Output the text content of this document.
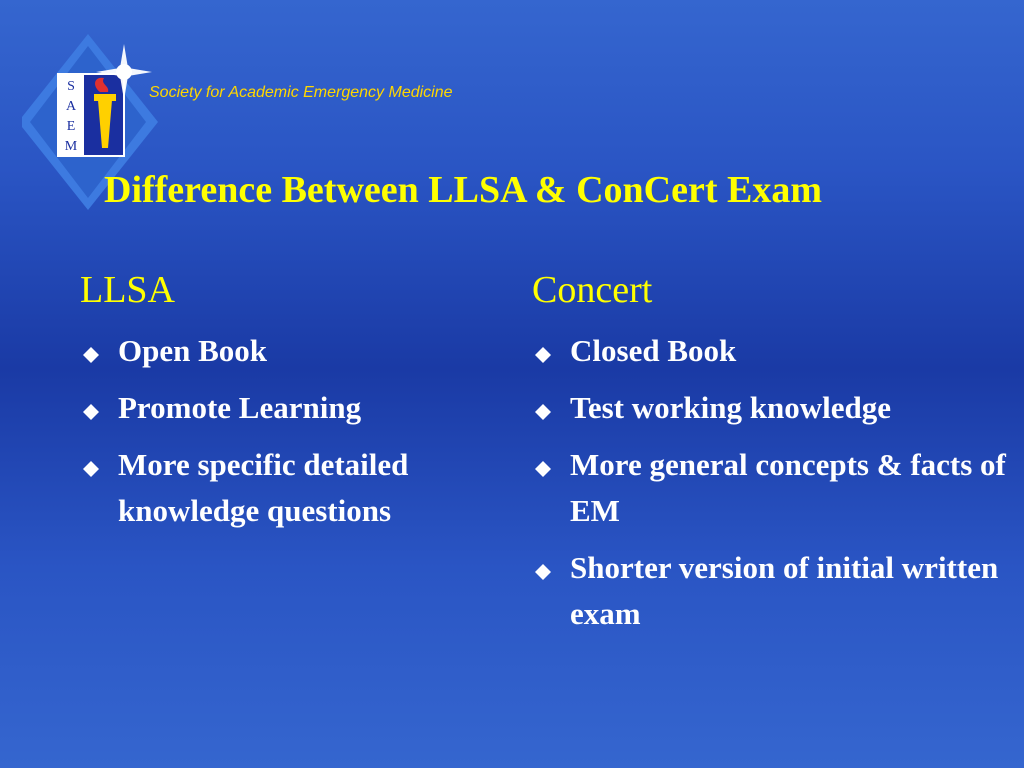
S
A
E
M
Society for Academic Emergency Medicine
Difference Between LLSA & ConCert Exam
LLSA
Open Book
Promote Learning
More specific detailed knowledge questions
Concert
Closed Book
Test working knowledge
More general concepts & facts of EM
Shorter version of initial written exam
